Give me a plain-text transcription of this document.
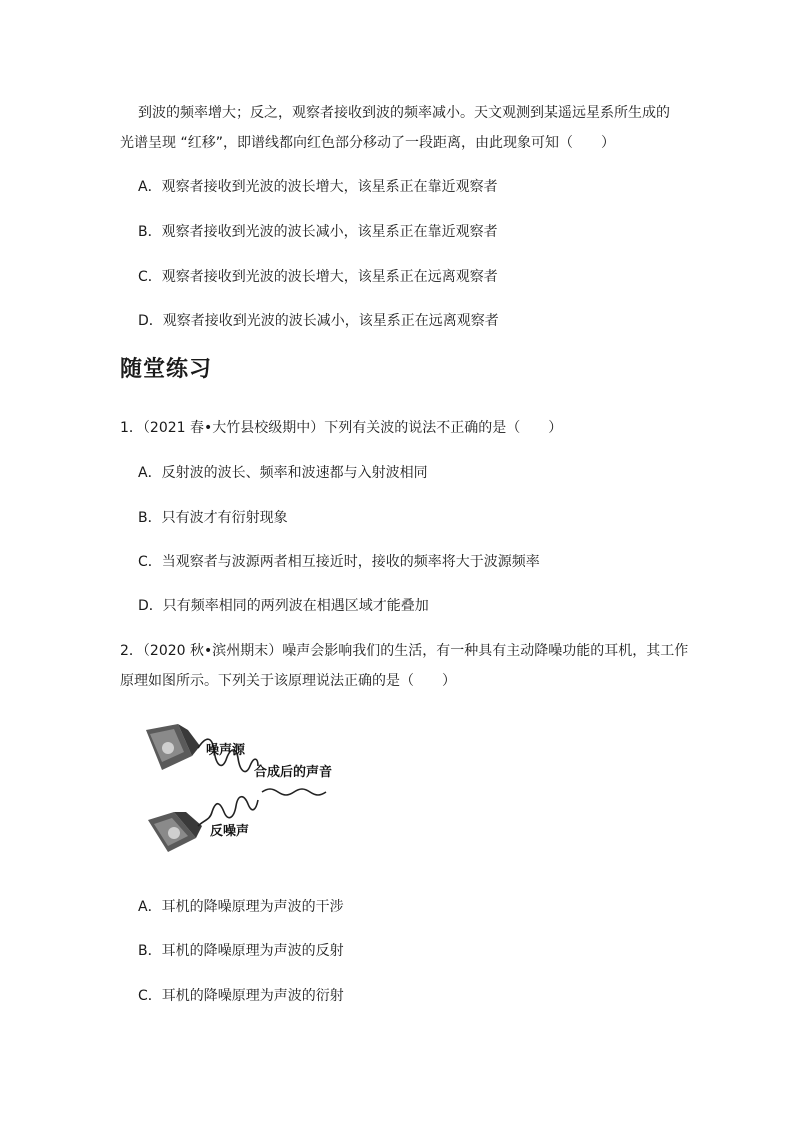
到波的频率增大；反之，观察者接收到波的频率减小。天文观测到某遥远星系所生成的
光谱呈现 “红移”，即谱线都向红色部分移动了一段距离，由此现象可知（　　）
A．观察者接收到光波的波长增大，该星系正在靠近观察者
B．观察者接收到光波的波长减小，该星系正在靠近观察者
C．观察者接收到光波的波长增大，该星系正在远离观察者
D．观察者接收到光波的波长减小，该星系正在远离观察者
随堂练习
1．（2021 春•大竹县校级期中）下列有关波的说法不正确的是（　　）
A．反射波的波长、频率和波速都与入射波相同
B．只有波才有衍射现象
C．当观察者与波源两者相互接近时，接收的频率将大于波源频率
D．只有频率相同的两列波在相遇区域才能叠加
2．（2020 秋•滨州期末）噪声会影响我们的生活，有一种具有主动降噪功能的耳机，其工作
原理如图所示。下列关于该原理说法正确的是（　　）
噪声源
合成后的声音
反噪声
A．耳机的降噪原理为声波的干涉
B．耳机的降噪原理为声波的反射
C．耳机的降噪原理为声波的衍射
